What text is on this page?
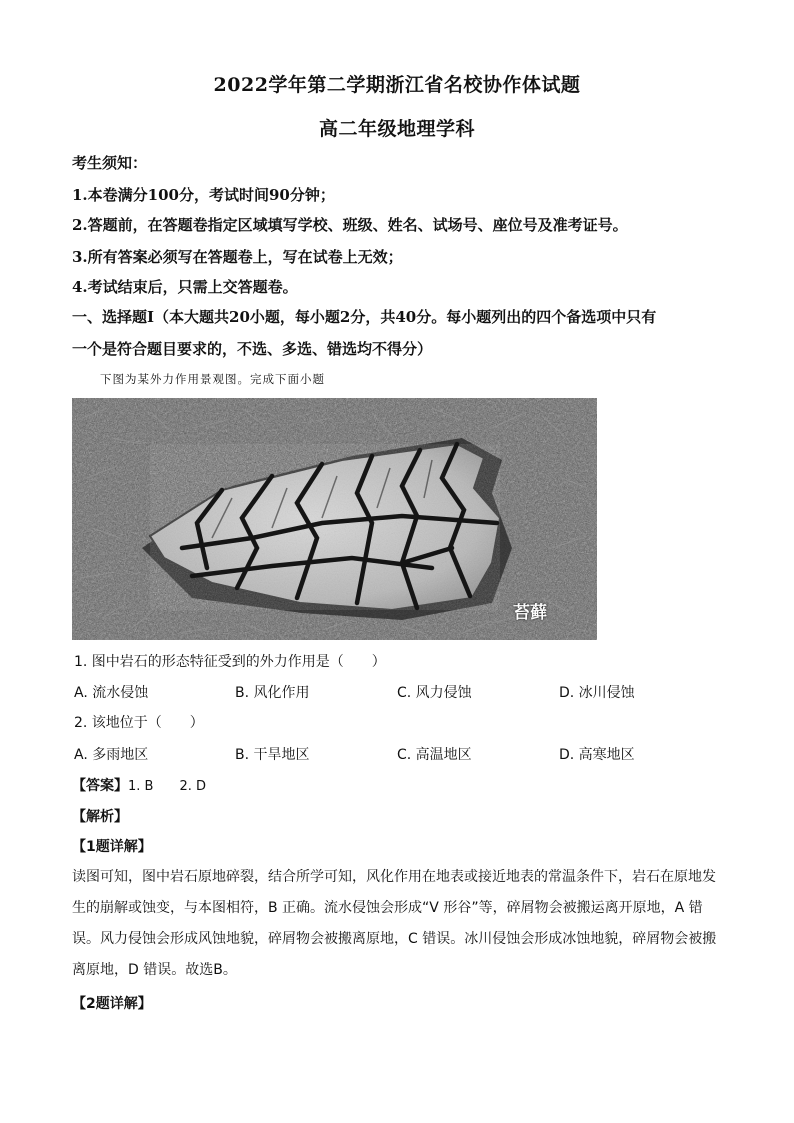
2022学年第二学期浙江省名校协作体试题
高二年级地理学科
考生须知：
1.本卷满分100分，考试时间90分钟；
2.答题前，在答题卷指定区域填写学校、班级、姓名、试场号、座位号及准考证号。
3.所有答案必须写在答题卷上，写在试卷上无效；
4.考试结束后，只需上交答题卷。
一、选择题Ⅰ（本大题共20小题，每小题2分，共40分。每小题列出的四个备选项中只有
一个是符合题目要求的，不选、多选、错选均不得分）
下图为某外力作用景观图。完成下面小题
苔藓
1. 图中岩石的形态特征受到的外力作用是（　　）
A. 流水侵蚀	B. 风化作用	C. 风力侵蚀	D. 冰川侵蚀
2. 该地位于（　　）
A. 多雨地区	B. 干旱地区	C. 高温地区	D. 高寒地区
【答案】1. B　　2. D
【解析】
【1题详解】
读图可知，图中岩石原地碎裂，结合所学可知，风化作用在地表或接近地表的常温条件下，岩石在原地发
生的崩解或蚀变，与本图相符，B 正确。流水侵蚀会形成“V 形谷”等，碎屑物会被搬运离开原地，A 错
误。风力侵蚀会形成风蚀地貌，碎屑物会被搬离原地，C 错误。冰川侵蚀会形成冰蚀地貌，碎屑物会被搬
离原地，D 错误。故选B。
【2题详解】
